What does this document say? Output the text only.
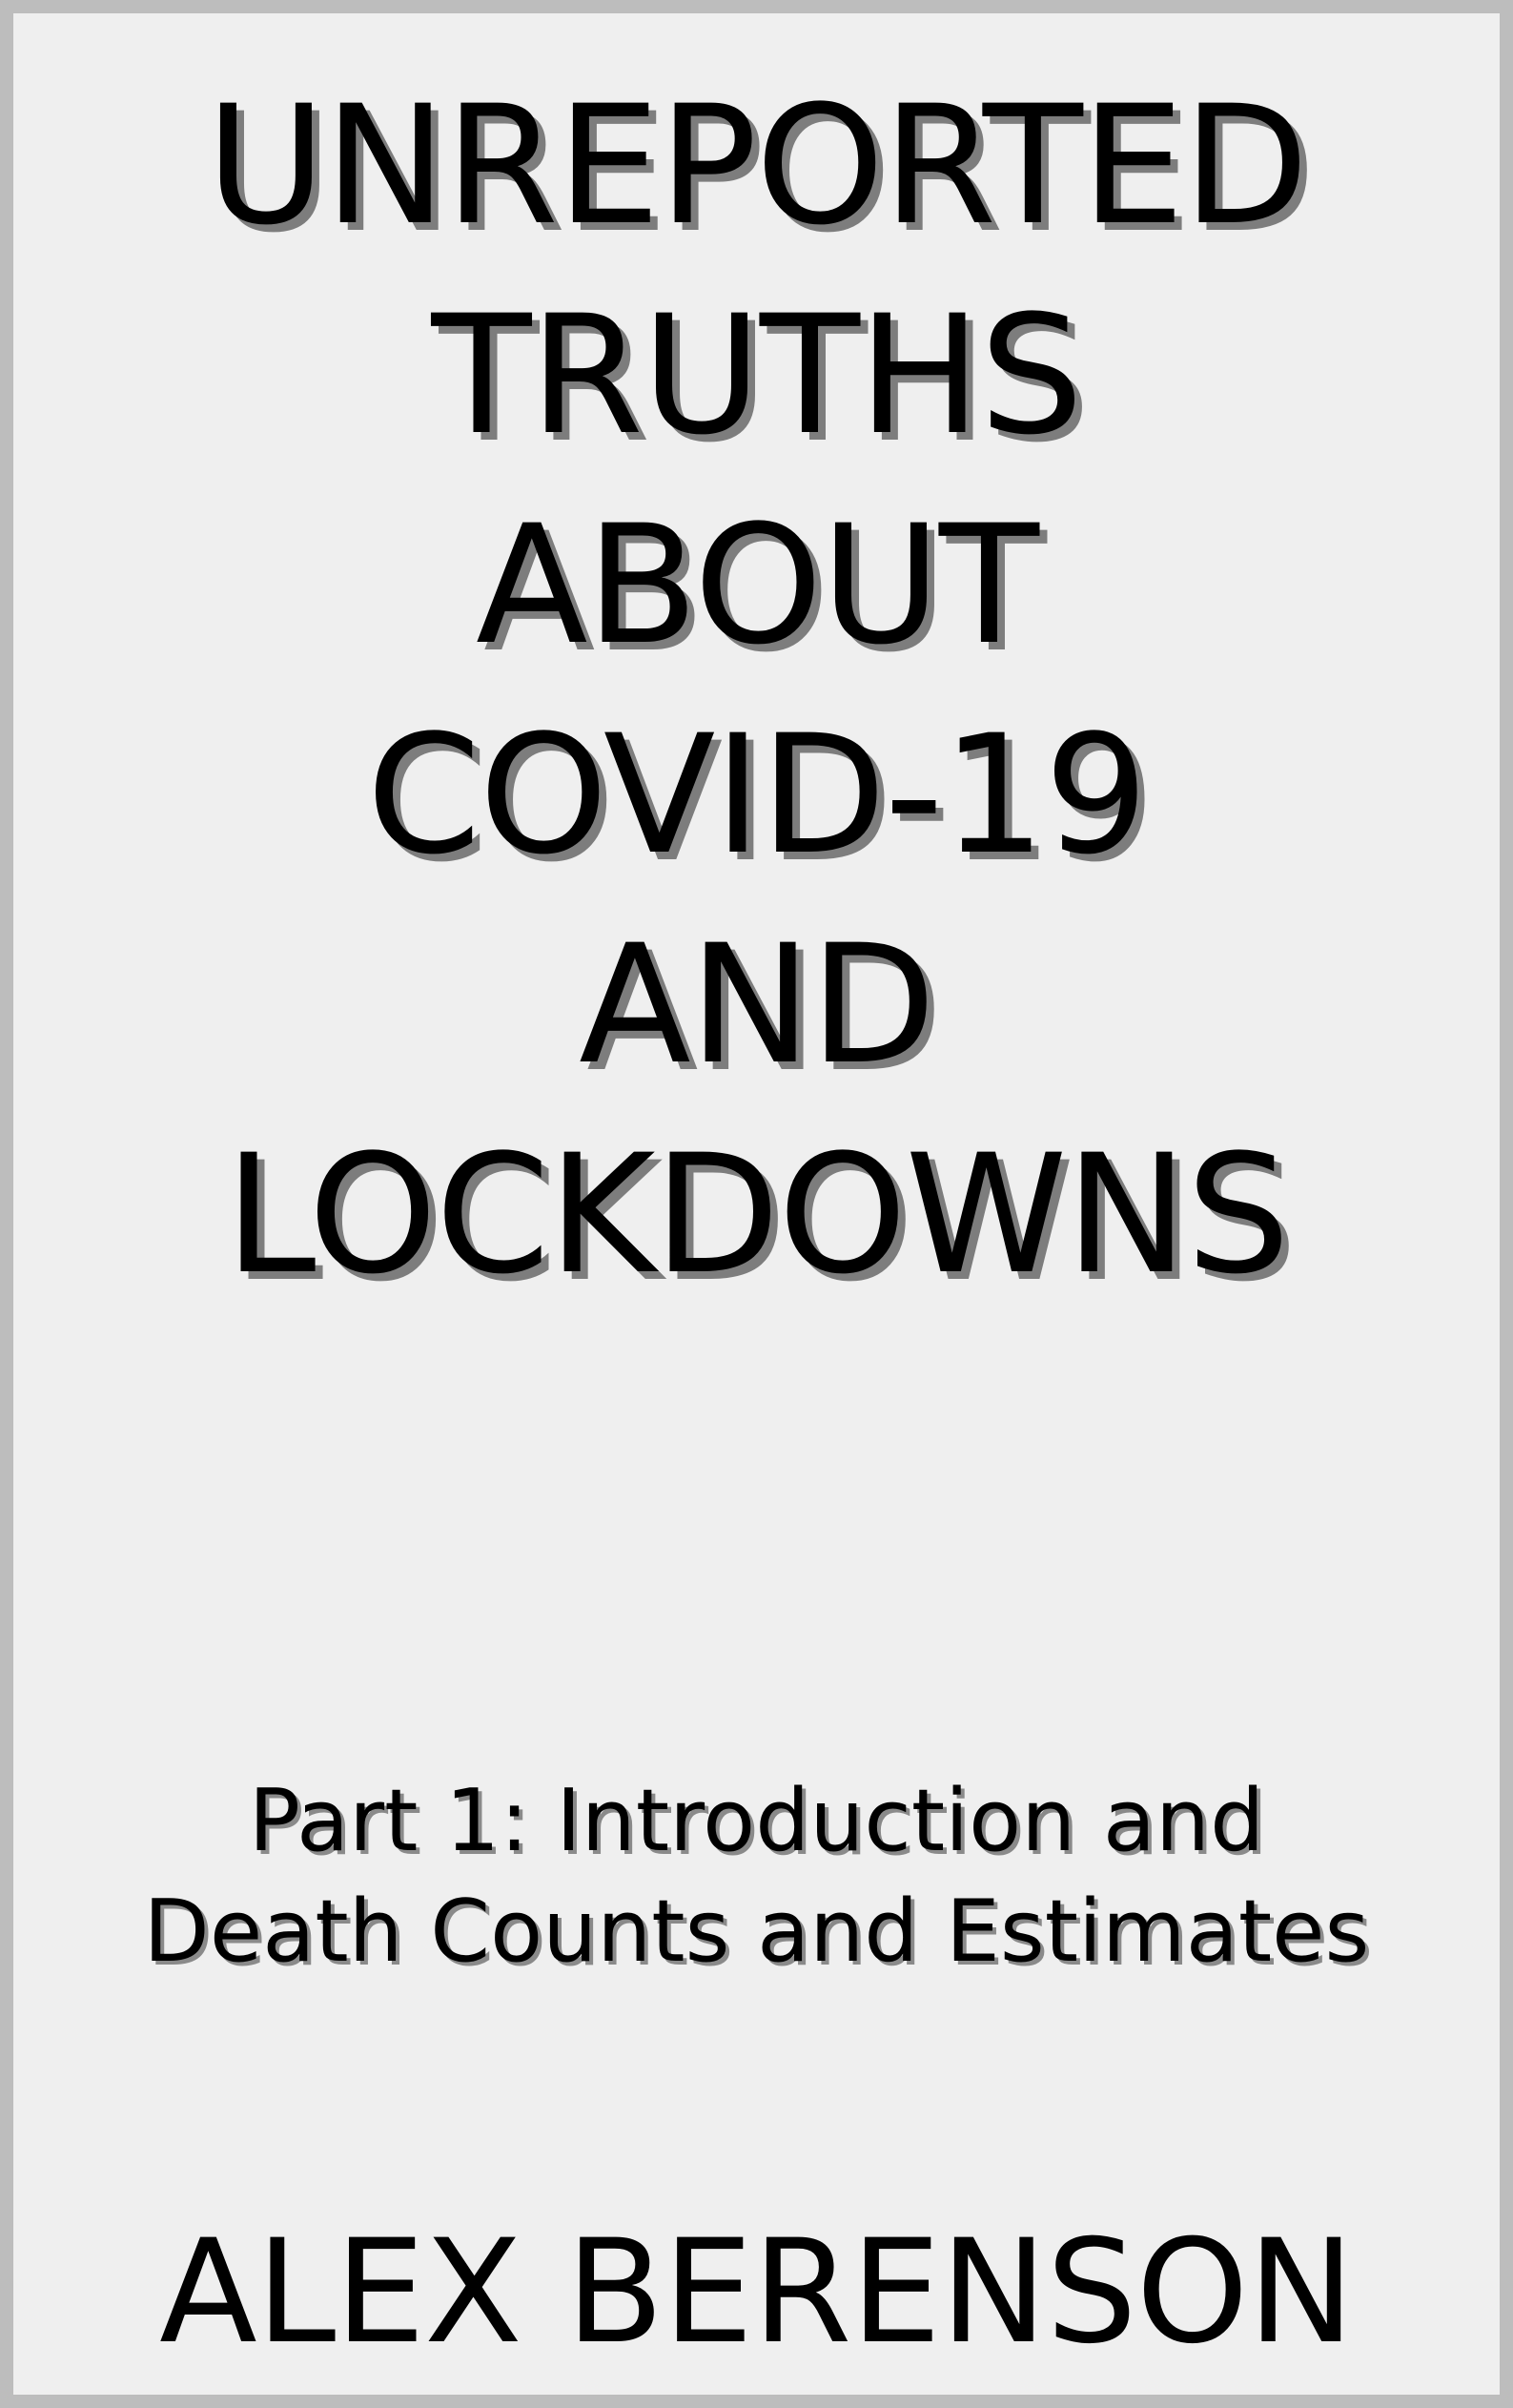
UNREPORTED
TRUTHS
ABOUT
COVID-19
AND
LOCKDOWNS
Part 1: Introduction and
Death Counts and Estimates
ALEX BERENSON
